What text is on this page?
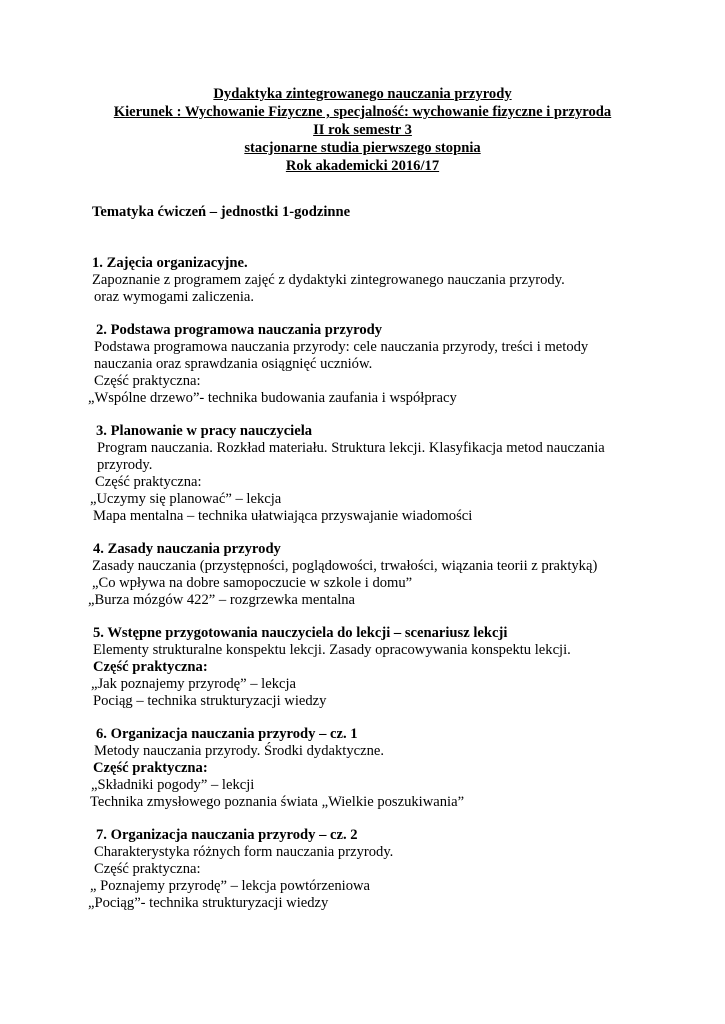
Dydaktyka zintegrowanego nauczania przyrody
Kierunek : Wychowanie Fizyczne , specjalność: wychowanie fizyczne i przyroda
II rok semestr 3
stacjonarne studia pierwszego stopnia
Rok akademicki 2016/17
Tematyka ćwiczeń – jednostki 1-godzinne
1. Zajęcia organizacyjne.
Zapoznanie z programem zajęć z dydaktyki zintegrowanego nauczania przyrody.
oraz wymogami zaliczenia.
2. Podstawa programowa nauczania przyrody
Podstawa programowa nauczania przyrody: cele nauczania przyrody, treści i metody
nauczania oraz sprawdzania osiągnięć uczniów.
Część praktyczna:
„Wspólne drzewo”- technika budowania zaufania i współpracy
3. Planowanie w pracy nauczyciela
Program nauczania. Rozkład materiału. Struktura lekcji. Klasyfikacja metod nauczania
przyrody.
Część praktyczna:
„Uczymy się planować” – lekcja
Mapa mentalna – technika ułatwiająca przyswajanie wiadomości
4. Zasady nauczania przyrody
Zasady nauczania (przystępności, poglądowości, trwałości, wiązania teorii z praktyką)
„Co wpływa na dobre samopoczucie w szkole i domu”
„Burza mózgów 422” – rozgrzewka mentalna
5. Wstępne przygotowania nauczyciela do lekcji – scenariusz lekcji
Elementy strukturalne konspektu lekcji. Zasady opracowywania konspektu lekcji.
Część praktyczna:
„Jak poznajemy przyrodę” – lekcja
Pociąg – technika strukturyzacji wiedzy
6. Organizacja nauczania przyrody – cz. 1
Metody nauczania przyrody. Środki dydaktyczne.
Część praktyczna:
„Składniki pogody” – lekcji
Technika zmysłowego poznania świata „Wielkie poszukiwania”
7. Organizacja nauczania przyrody – cz. 2
Charakterystyka różnych form nauczania przyrody.
Część praktyczna:
„ Poznajemy przyrodę” – lekcja powtórzeniowa
„Pociąg”- technika strukturyzacji wiedzy
